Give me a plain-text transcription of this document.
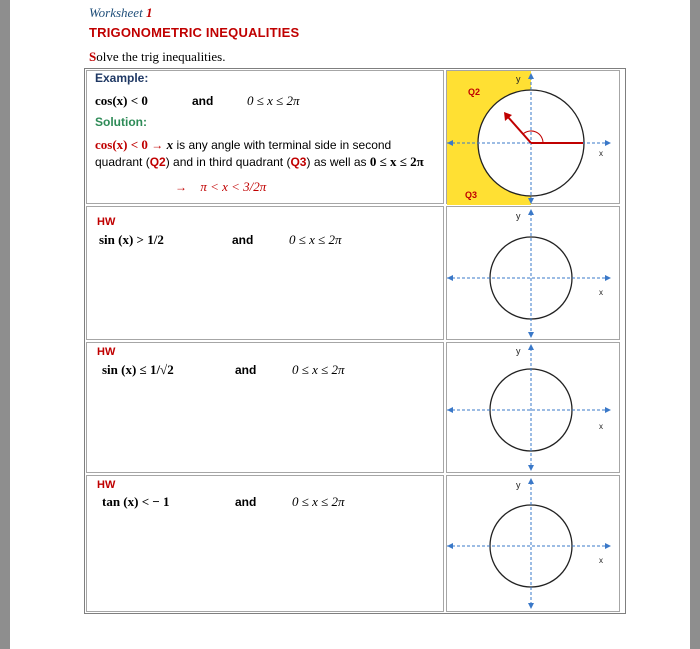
Worksheet 1
TRIGONOMETRIC INEQUALITIES
Solve the trig inequalities.
Example:
cos(x) < 0	and	0 ≤ x ≤ 2π
Solution:
cos(x) < 0 → x is any angle with terminal side in second
quadrant (Q2) and in third quadrant (Q3) as well as 0 ≤ x ≤ 2π
→ π < x < 3/2π
y
x
Q2
Q3
HW
sin (x) > 1/2	and	0 ≤ x ≤ 2π
y
x
HW
sin (x) ≤ 1/√2	and	0 ≤ x ≤ 2π
y
x
HW
tan (x) < − 1	and	0 ≤ x ≤ 2π
y
x
